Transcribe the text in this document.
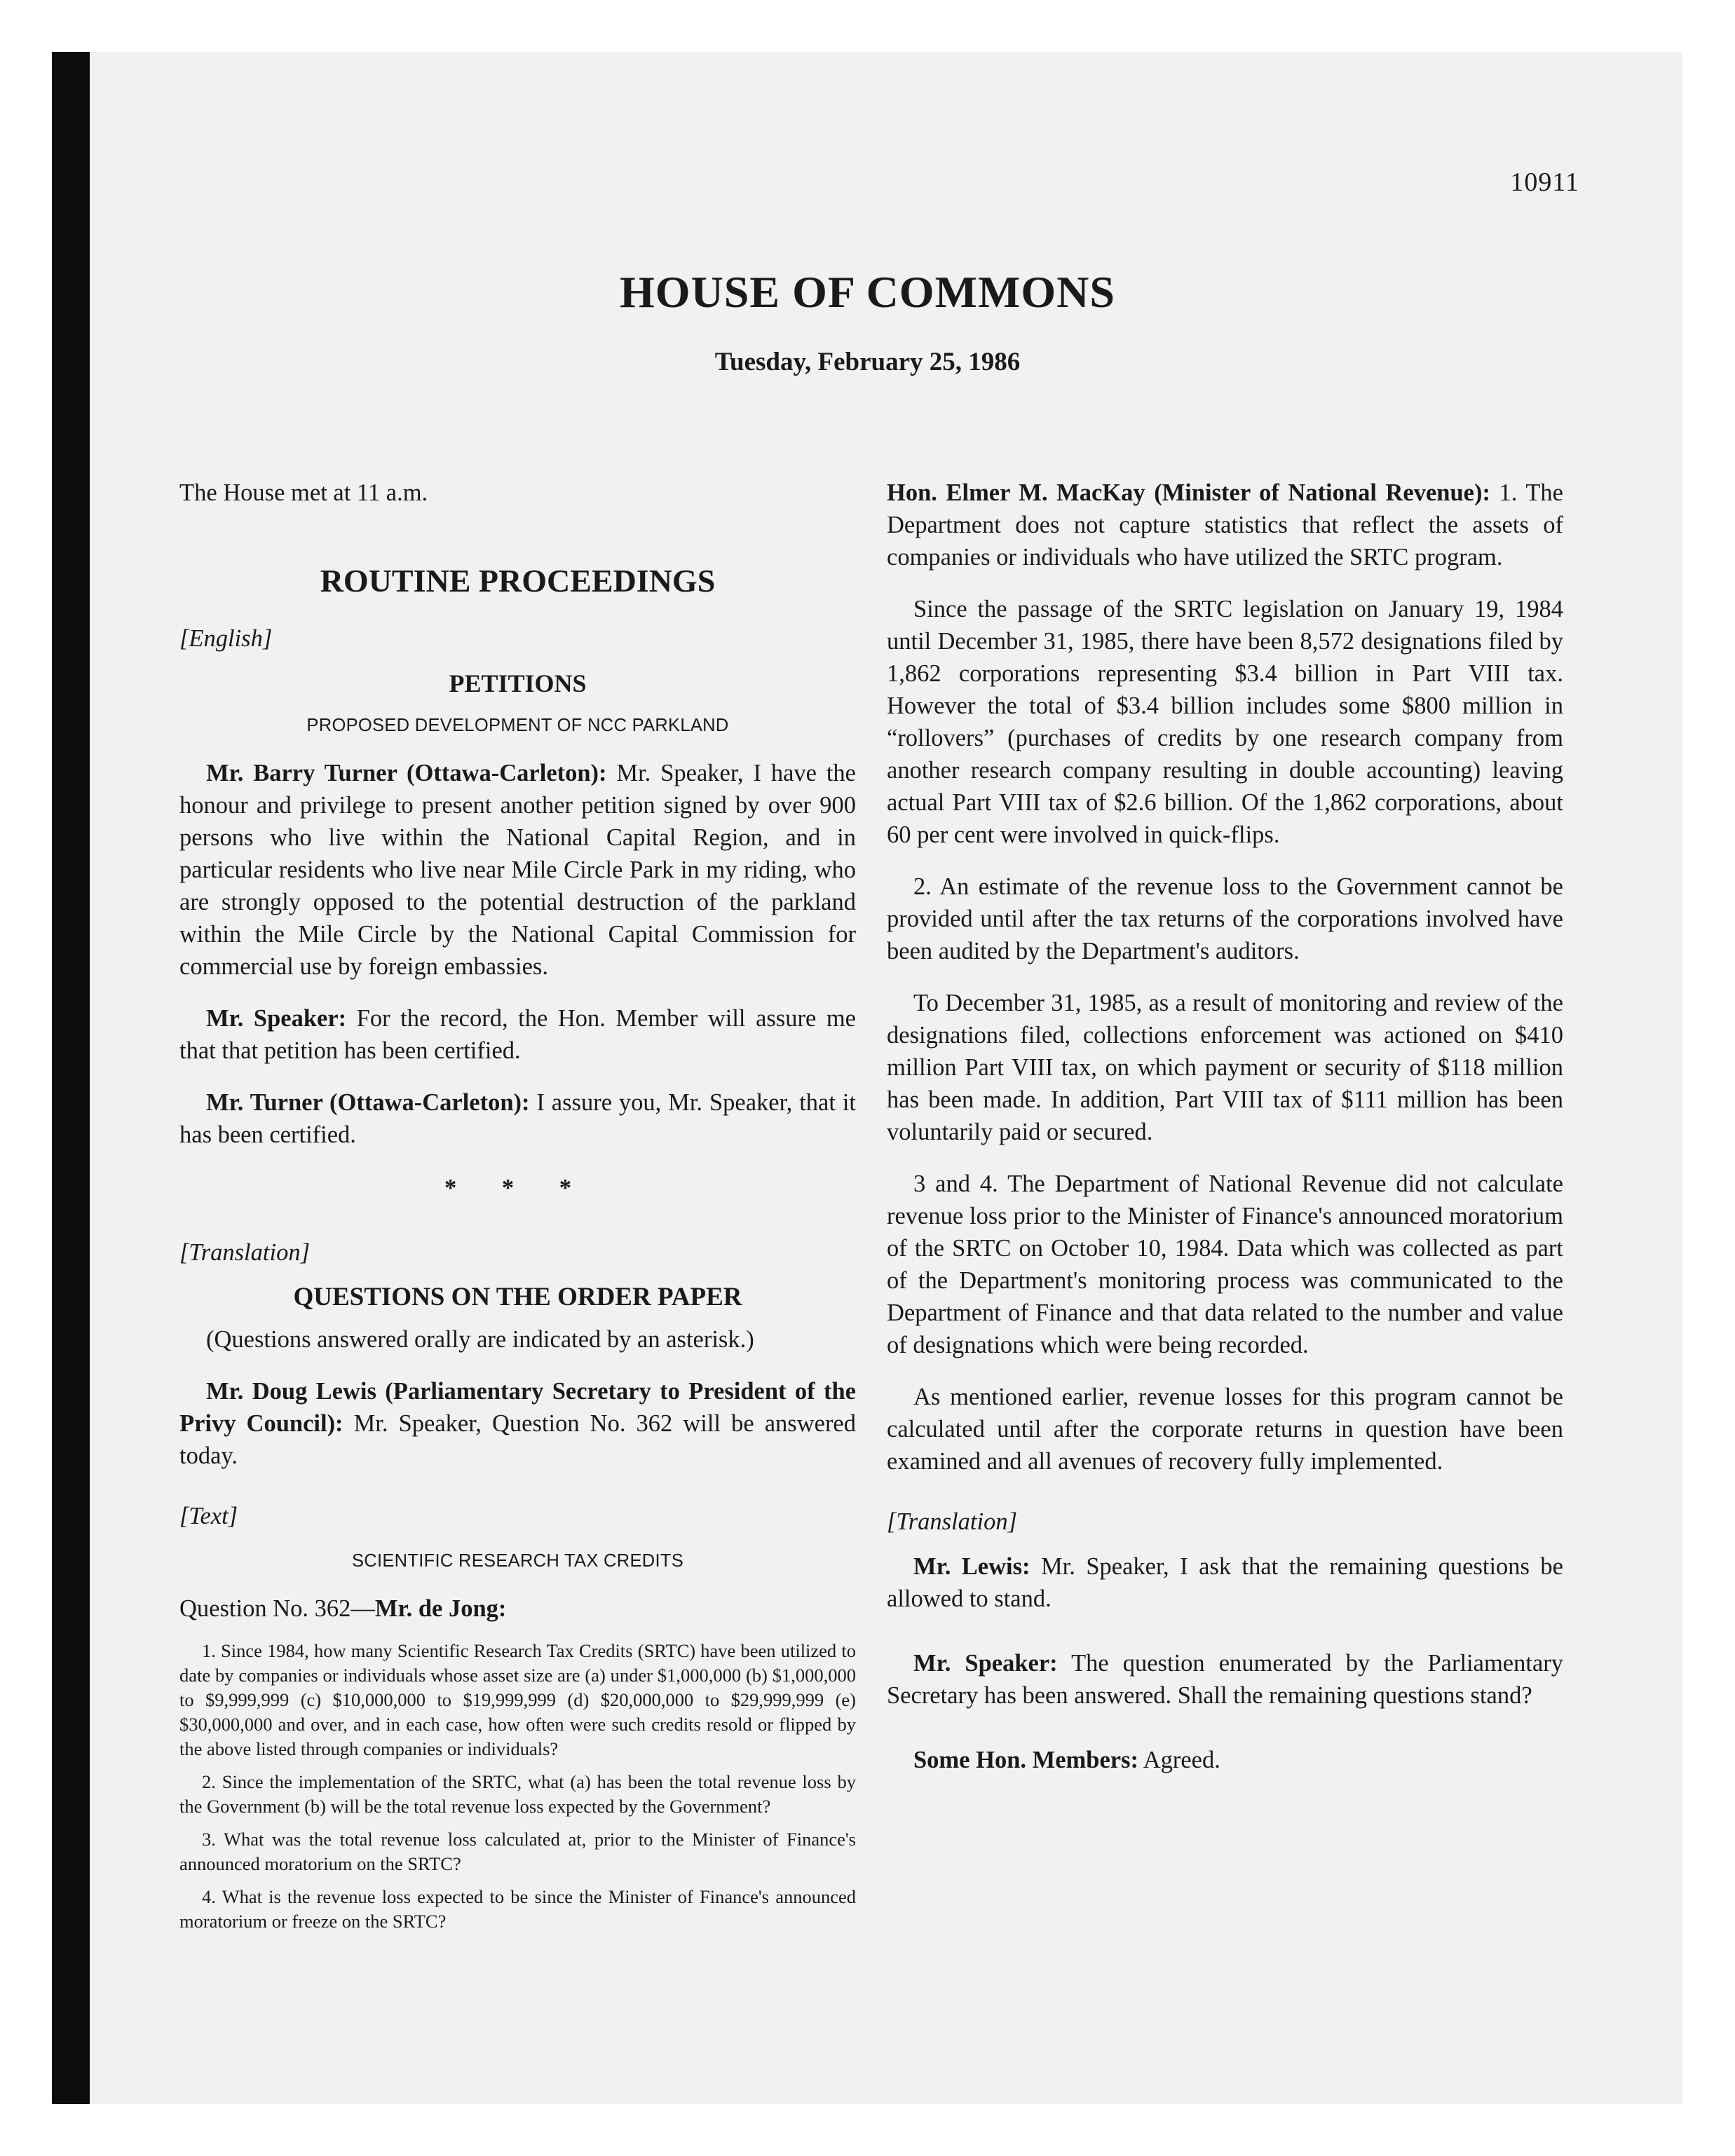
10911
HOUSE OF COMMONS
Tuesday, February 25, 1986

The House met at 11 a.m.

ROUTINE PROCEEDINGS
[English]
PETITIONS
PROPOSED DEVELOPMENT OF NCC PARKLAND

Mr. Barry Turner (Ottawa-Carleton): Mr. Speaker, I have the honour and privilege to present another petition signed by over 900 persons who live within the National Capital Region, and in particular residents who live near Mile Circle Park in my riding, who are strongly opposed to the potential destruction of the parkland within the Mile Circle by the National Capital Commission for commercial use by foreign embassies.

Mr. Speaker: For the record, the Hon. Member will assure me that that petition has been certified.

Mr. Turner (Ottawa-Carleton): I assure you, Mr. Speaker, that it has been certified.

* * *
[Translation]
QUESTIONS ON THE ORDER PAPER

(Questions answered orally are indicated by an asterisk.)

Mr. Doug Lewis (Parliamentary Secretary to President of the Privy Council): Mr. Speaker, Question No. 362 will be answered today.

[Text]
SCIENTIFIC RESEARCH TAX CREDITS
Question No. 362—Mr. de Jong:

1. Since 1984, how many Scientific Research Tax Credits (SRTC) have been utilized to date by companies or individuals whose asset size are (a) under $1,000,000 (b) $1,000,000 to $9,999,999 (c) $10,000,000 to $19,999,999 (d) $20,000,000 to $29,999,999 (e) $30,000,000 and over, and in each case, how often were such credits resold or flipped by the above listed through companies or individuals?

2. Since the implementation of the SRTC, what (a) has been the total revenue loss by the Government (b) will be the total revenue loss expected by the Government?

3. What was the total revenue loss calculated at, prior to the Minister of Finance's announced moratorium on the SRTC?

4. What is the revenue loss expected to be since the Minister of Finance's announced moratorium or freeze on the SRTC?

Hon. Elmer M. MacKay (Minister of National Revenue): 1. The Department does not capture statistics that reflect the assets of companies or individuals who have utilized the SRTC program.

Since the passage of the SRTC legislation on January 19, 1984 until December 31, 1985, there have been 8,572 designations filed by 1,862 corporations representing $3.4 billion in Part VIII tax. However the total of $3.4 billion includes some $800 million in “rollovers” (purchases of credits by one research company from another research company resulting in double accounting) leaving actual Part VIII tax of $2.6 billion. Of the 1,862 corporations, about 60 per cent were involved in quick-flips.

2. An estimate of the revenue loss to the Government cannot be provided until after the tax returns of the corporations involved have been audited by the Department's auditors.

To December 31, 1985, as a result of monitoring and review of the designations filed, collections enforcement was actioned on $410 million Part VIII tax, on which payment or security of $118 million has been made. In addition, Part VIII tax of $111 million has been voluntarily paid or secured.

3 and 4. The Department of National Revenue did not calculate revenue loss prior to the Minister of Finance's announced moratorium of the SRTC on October 10, 1984. Data which was collected as part of the Department's monitoring process was communicated to the Department of Finance and that data related to the number and value of designations which were being recorded.

As mentioned earlier, revenue losses for this program cannot be calculated until after the corporate returns in question have been examined and all avenues of recovery fully implemented.

[Translation]

Mr. Lewis: Mr. Speaker, I ask that the remaining questions be allowed to stand.

Mr. Speaker: The question enumerated by the Parliamentary Secretary has been answered. Shall the remaining questions stand?

Some Hon. Members: Agreed.
